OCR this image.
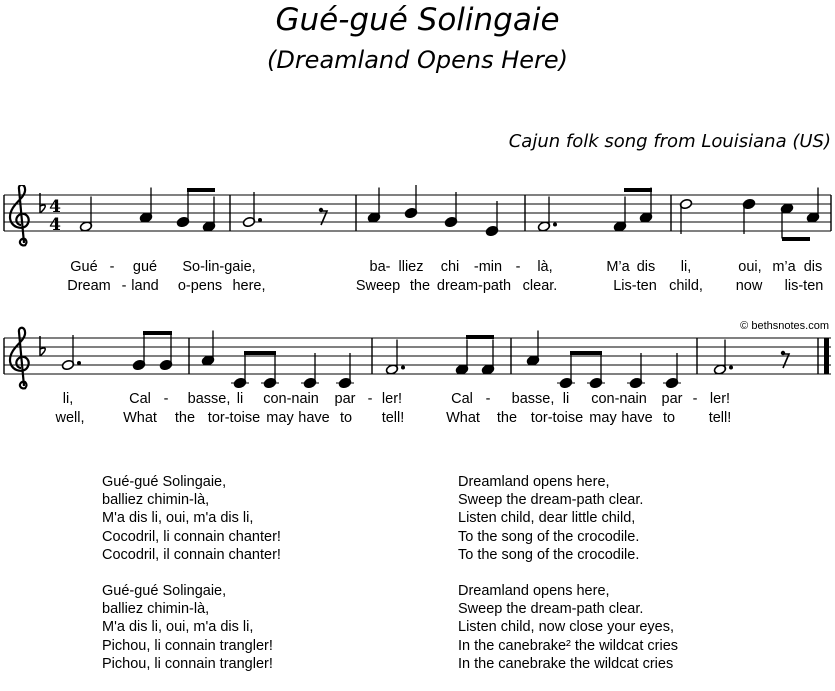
Gué-gué Solingaie
(Dreamland Opens Here)
Cajun folk song from Louisiana (US)
© bethsnotes.com
4
4
Gué - gué So-lin-gaie,	ba- lliez chi -min - là,	M’a dis li,	oui, m’a dis
Dream - land o-pens here,	Sweep the dream-path clear.	Lis-ten child, now lis-ten
li,	Cal - basse, li con-nain par - ler!	Cal - basse, li con-nain par - ler!
well,	What the tor-toise may have to tell!	What the tor-toise may have to tell!
Gué-gué Solingaie,
balliez chimin-là,
M'a dis li, oui, m'a dis li,
Cocodril, li connain chanter!
Cocodril, il connain chanter!
Gué-gué Solingaie,
balliez chimin-là,
M'a dis li, oui, m'a dis li,
Pichou, li connain trangler!
Pichou, li connain trangler!
Dreamland opens here,
Sweep the dream-path clear.
Listen child, dear little child,
To the song of the crocodile.
To the song of the crocodile.
Dreamland opens here,
Sweep the dream-path clear.
Listen child, now close your eyes,
In the canebrake² the wildcat cries
In the canebrake the wildcat cries
